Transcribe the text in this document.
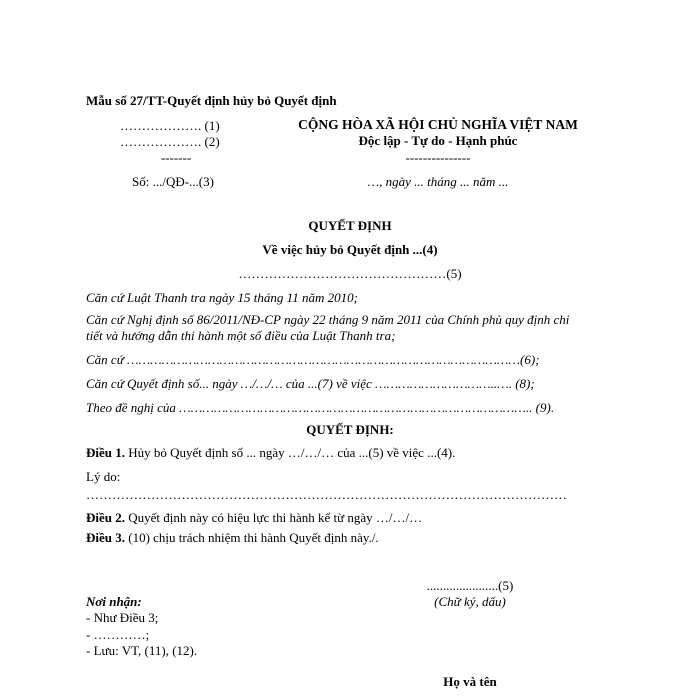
Mẫu số 27/TT-Quyết định hủy bỏ Quyết định
………………. (1)
………………. (2)
-------
Số: .../QĐ-...(3)
CỘNG HÒA XÃ HỘI CHỦ NGHĨA VIỆT NAM
Độc lập - Tự do - Hạnh phúc
---------------
…, ngày ... tháng ... năm ...
QUYẾT ĐỊNH
Về việc hủy bỏ Quyết định ...(4)
…………………………………………(5)
Căn cứ Luật Thanh tra ngày 15 tháng 11 năm 2010;
Căn cứ Nghị định số 86/2011/NĐ-CP ngày 22 tháng 9 năm 2011 của Chính phủ quy định chi
tiết và hướng dẫn thi hành một số điều của Luật Thanh tra;
Căn cứ …………………………………………………………………………………………(6);
Căn cứ Quyết định số... ngày …/…/… của ...(7) về việc …………………………..…. (8);
Theo đề nghị của ……………………………………………………………………………….. (9).
QUYẾT ĐỊNH:
Điều 1. Hủy bỏ Quyết định số ... ngày …/…/… của ...(5) về việc ...(4).
Lý do:
…………………………………………………………………………………………………
Điều 2. Quyết định này có hiệu lực thi hành kể từ ngày …/…/…
Điều 3. (10) chịu trách nhiệm thi hành Quyết định này./.
......................(5)
(Chữ ký, dấu)
Họ và tên
Nơi nhận:
- Như Điều 3;
- …………;
- Lưu: VT, (11), (12).
